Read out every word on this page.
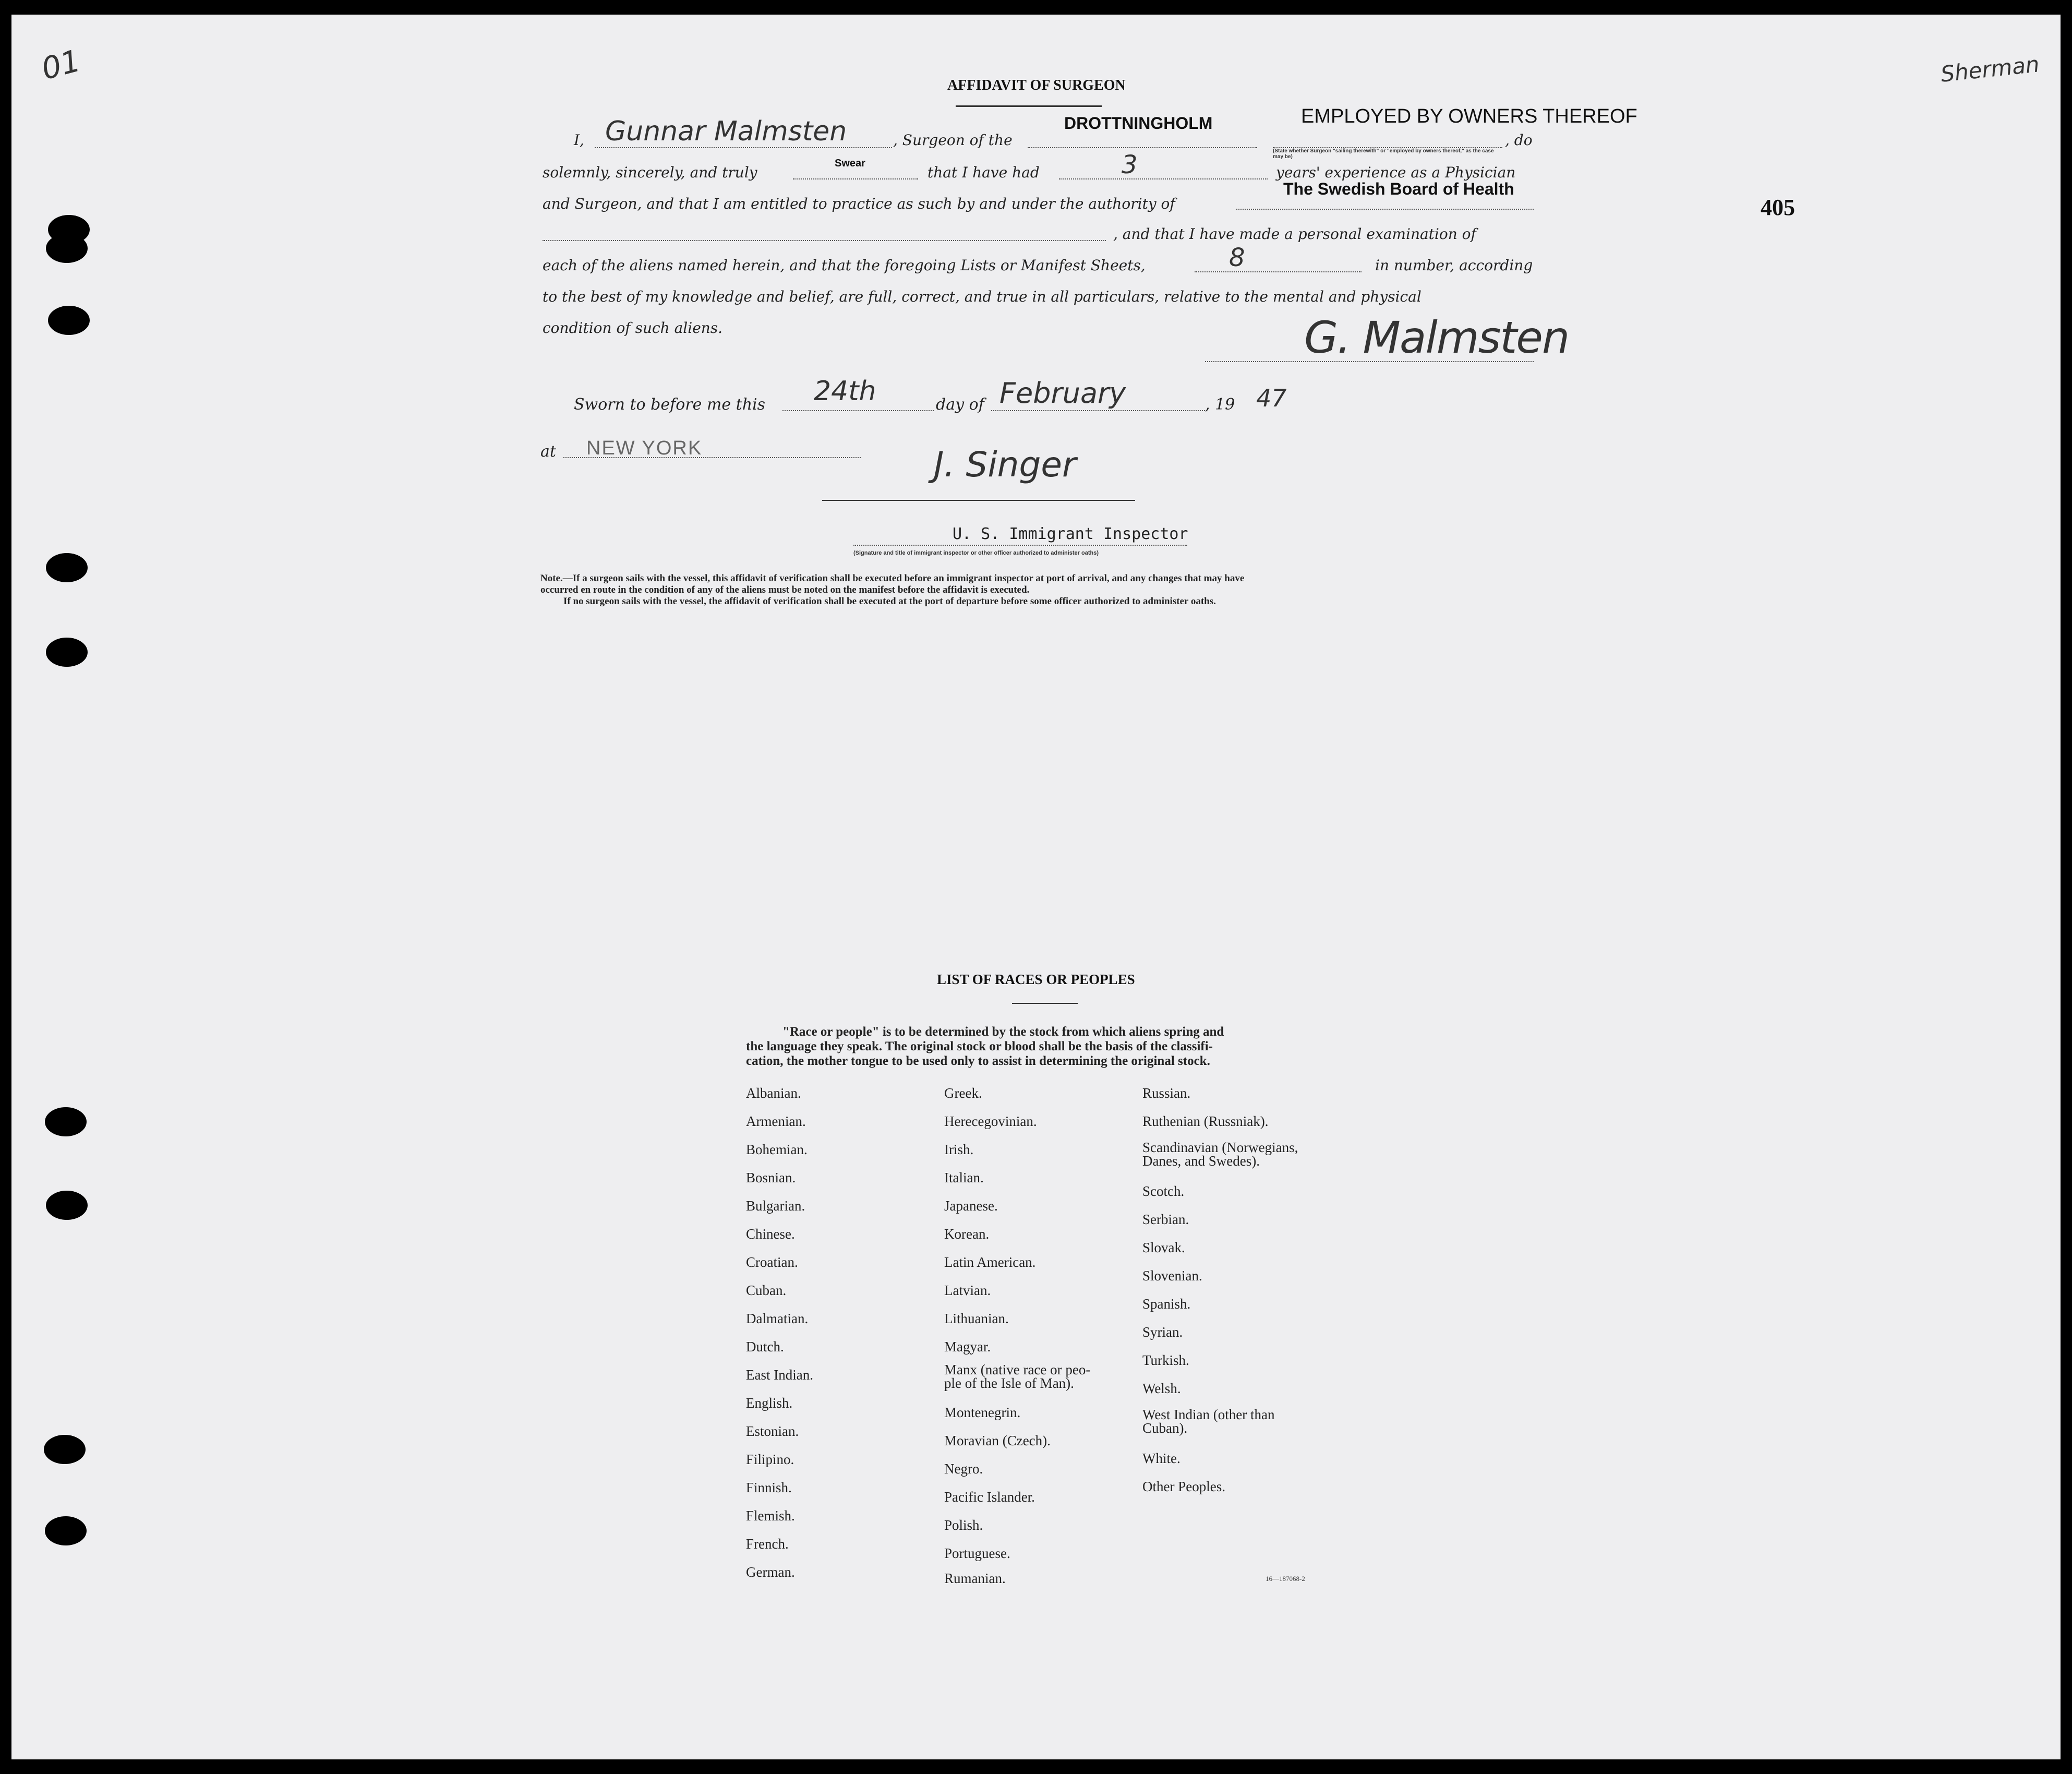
01	Sherman
405
AFFIDAVIT OF SURGEON
I, Gunnar Malmsten	, Surgeon of the
DROTTNINGHOLM	EMPLOYED BY OWNERS THEREOF
, do
(State whether Surgeon "sailing therewith" or "employed by owners thereof," as the case may be)
solemnly, sincerely, and truly
Swear
that I have had	3	years' experience as a Physician
and Surgeon, and that I am entitled to practice as such by and under the authority of
The Swedish Board of Health
, and that I have made a personal examination of
each of the aliens named herein, and that the foregoing Lists or Manifest Sheets,	8	in number, according
to the best of my knowledge and belief, are full, correct, and true in all particulars, relative to the mental and physical
condition of such aliens.	G. Malmsten
Sworn to before me this 24th	day of February	, 19 47
at NEW YORK	J. Singer
U. S. Immigrant Inspector
(Signature and title of immigrant inspector or other officer authorized to administer oaths)
Note.—If a surgeon sails with the vessel, this affidavit of verification shall be executed before an immigrant inspector at port of arrival, and any changes that may have
occurred en route in the condition of any of the aliens must be noted on the manifest before the affidavit is executed.
If no surgeon sails with the vessel, the affidavit of verification shall be executed at the port of departure before some officer authorized to administer oaths.
LIST OF RACES OR PEOPLES
"Race or people" is to be determined by the stock from which aliens spring and
the language they speak. The original stock or blood shall be the basis of the classifi-
cation, the mother tongue to be used only to assist in determining the original stock.
Albanian.
Armenian.
Bohemian.
Bosnian.
Bulgarian.
Chinese.
Croatian.
Cuban.
Dalmatian.
Dutch.
East Indian.
English.
Estonian.
Filipino.
Finnish.
Flemish.
French.
German.
Greek.
Herecegovinian.
Irish.
Italian.
Japanese.
Korean.
Latin American.
Latvian.
Lithuanian.
Magyar.
Manx (native race or peo-
ple of the Isle of Man).
Montenegrin.
Moravian (Czech).
Negro.
Pacific Islander.
Polish.
Portuguese.
Rumanian.
Russian.
Ruthenian (Russniak).
Scandinavian (Norwegians,
Danes, and Swedes).
Scotch.
Serbian.
Slovak.
Slovenian.
Spanish.
Syrian.
Turkish.
Welsh.
West Indian (other than
Cuban).
White.
Other Peoples.
16—187068-2
